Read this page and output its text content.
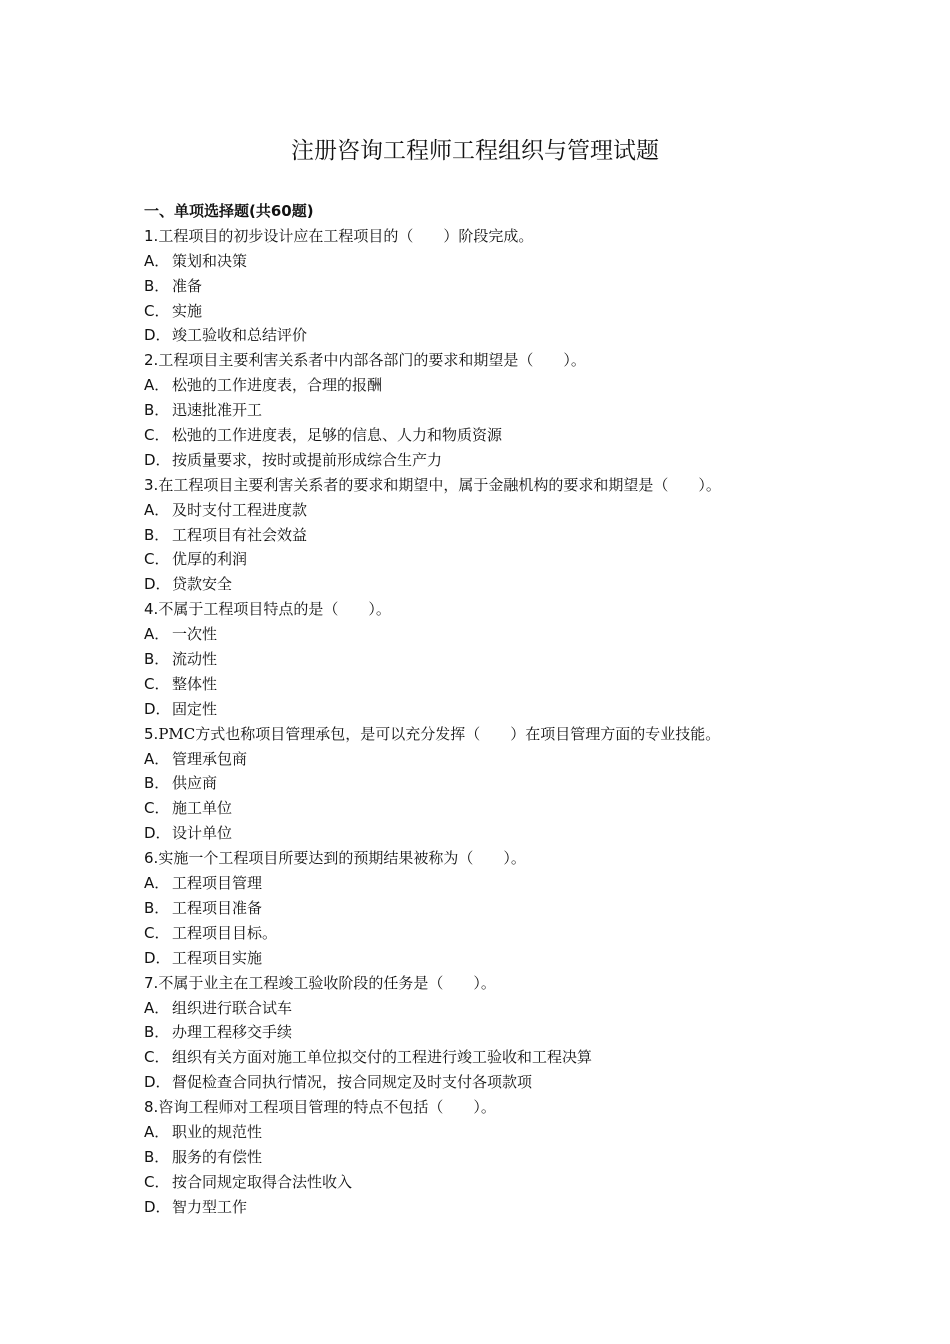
注册咨询工程师工程组织与管理试题
一、单项选择题(共60题)
1.工程项目的初步设计应在工程项目的（　　）阶段完成。
A． 策划和决策
B． 准备
C． 实施
D．竣工验收和总结评价
2.工程项目主要利害关系者中内部各部门的要求和期望是（　　）。
A． 松弛的工作进度表，合理的报酬
B． 迅速批准开工
C． 松弛的工作进度表，足够的信息、人力和物质资源
D．按质量要求，按时或提前形成综合生产力
3.在工程项目主要利害关系者的要求和期望中，属于金融机构的要求和期望是（　　）。
A． 及时支付工程进度款
B． 工程项目有社会效益
C． 优厚的利润
D．贷款安全
4.不属于工程项目特点的是（　　）。
A． 一次性
B． 流动性
C． 整体性
D．固定性
5.PMC方式也称项目管理承包，是可以充分发挥（　　）在项目管理方面的专业技能。
A． 管理承包商
B． 供应商
C． 施工单位
D．设计单位
6.实施一个工程项目所要达到的预期结果被称为（　　）。
A． 工程项目管理
B． 工程项目准备
C． 工程项目目标。
D．工程项目实施
7.不属于业主在工程竣工验收阶段的任务是（　　）。
A． 组织进行联合试车
B． 办理工程移交手续
C． 组织有关方面对施工单位拟交付的工程进行竣工验收和工程决算
D．督促检查合同执行情况，按合同规定及时支付各项款项
8.咨询工程师对工程项目管理的特点不包括（　　）。
A． 职业的规范性
B． 服务的有偿性
C． 按合同规定取得合法性收入
D．智力型工作
